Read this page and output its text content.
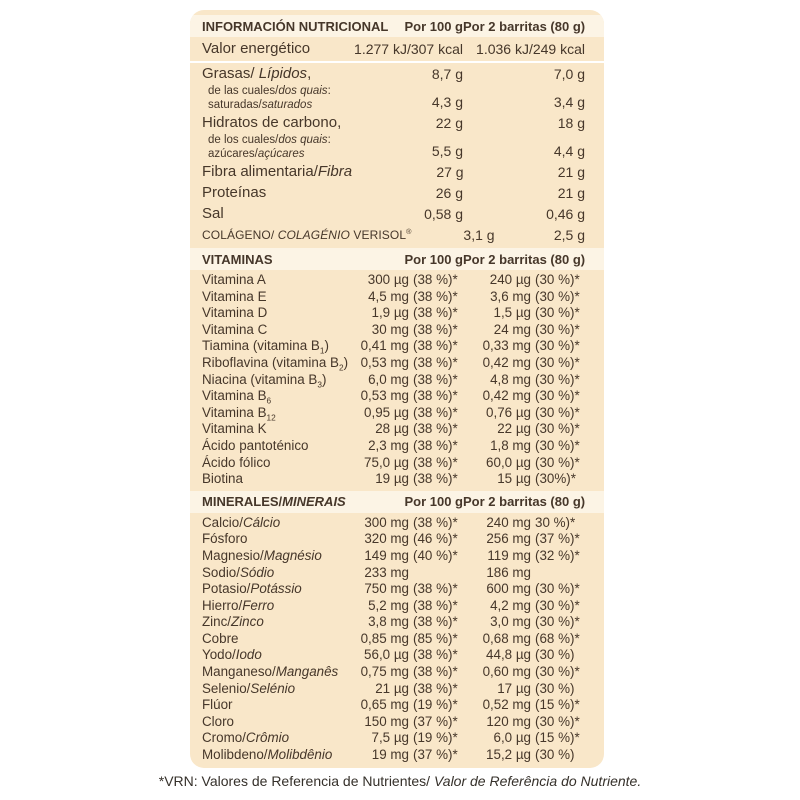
INFORMACIÓN NUTRICIONAL	Por 100 g Por 2 barritas (80 g)
Valor energético	1.277 kJ/307 kcal 1.036 kJ/249 kcal
Grasas/ Lípidos,	8,7 g	7,0 g
de las cuales/dos quais:
saturadas/saturados	4,3 g	3,4 g
Hidratos de carbono,	22 g	18 g
de los cuales/dos quais:
azúcares/açúcares	5,5 g	4,4 g
Fibra alimentaria/Fibra	27 g	21 g
Proteínas	26 g	21 g
Sal	0,58 g	0,46 g
COLÁGENO/ COLAGÉNIO VERISOL®	3,1 g	2,5 g
VITAMINAS	Por 100 g Por 2 barritas (80 g)
Vitamina A	300 µg (38 %)*	240 µg (30 %)*
Vitamina E	4,5 mg (38 %)*	3,6 mg (30 %)*
Vitamina D	1,9 µg (38 %)*	1,5 µg (30 %)*
Vitamina C	30 mg (38 %)*	24 mg (30 %)*
Tiamina (vitamina $B_1$)	0,41 mg (38 %)*	0,33 mg (30 %)*
Riboflavina (vitamina $B_2$) 0,53 mg (38 %)*	0,42 mg (30 %)*
Niacina (vitamina $B_3$)	6,0 mg (38 %)*	4,8 mg (30 %)*
Vitamina $B_6$	0,53 mg (38 %)*	0,42 mg (30 %)*
Vitamina $B_{12}$	0,95 µg (38 %)*	0,76 µg (30 %)*
Vitamina K	28 µg (38 %)*	22 µg (30 %)*
Ácido pantoténico	2,3 mg (38 %)*	1,8 mg (30 %)*
Ácido fólico	75,0 µg (38 %)*	60,0 µg (30 %)*
Biotina	19 µg (38 %)*	15 µg (30%)*
MINERALES/MINERAIS	Por 100 g Por 2 barritas (80 g)
Calcio/Cálcio	300 mg (38 %)*	240 mg 30 %)*
Fósforo	320 mg (46 %)*	256 mg (37 %)*
Magnesio/Magnésio	149 mg (40 %)*	119 mg (32 %)*
Sodio/Sódio	233 mg	186 mg
Potasio/Potássio	750 mg (38 %)*	600 mg (30 %)*
Hierro/Ferro	5,2 mg (38 %)*	4,2 mg (30 %)*
Zinc/Zinco	3,8 mg (38 %)*	3,0 mg (30 %)*
Cobre	0,85 mg (85 %)*	0,68 mg (68 %)*
Yodo/Iodo	56,0 µg (38 %)*	44,8 µg (30 %)
Manganeso/Manganês	0,75 mg (38 %)*	0,60 mg (30 %)*
Selenio/Selénio	21 µg (38 %)*	17 µg (30 %)
Flúor	0,65 mg (19 %)*	0,52 mg (15 %)*
Cloro	150 mg (37 %)*	120 mg (30 %)*
Cromo/Crômio	7,5 µg (19 %)*	6,0 µg (15 %)*
Molibdeno/Molibdênio	19 mg (37 %)*	15,2 µg (30 %)
*VRN: Valores de Referencia de Nutrientes/ Valor de Referência do Nutriente.
